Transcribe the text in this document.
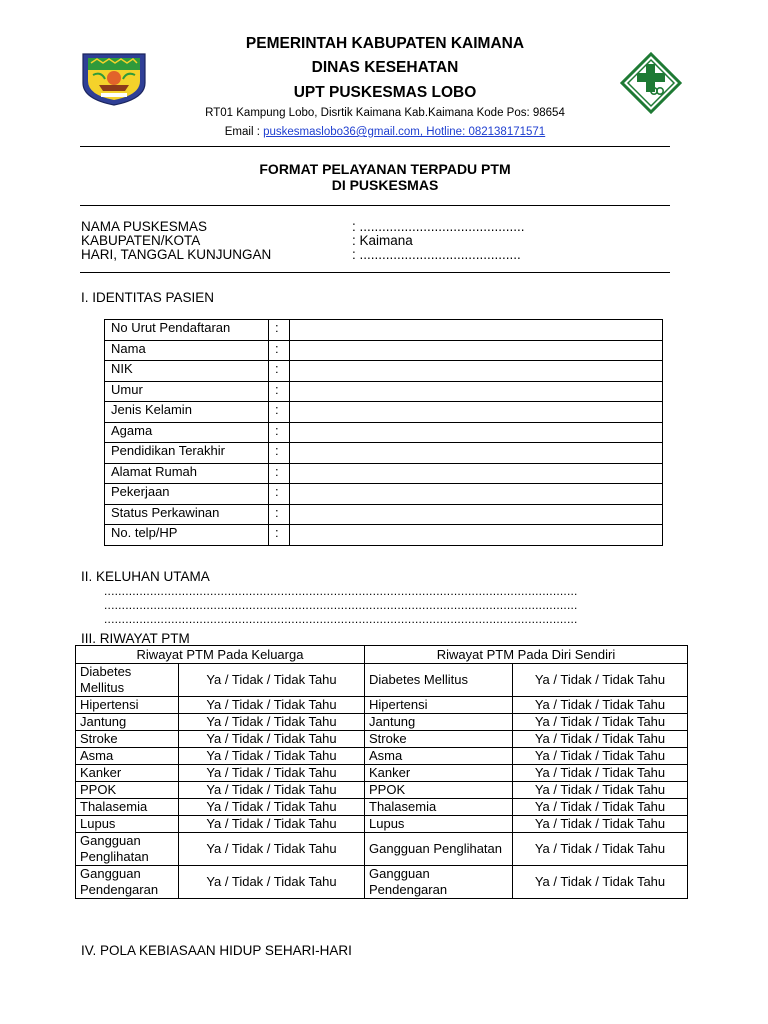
PEMERINTAH KABUPATEN KAIMANA
DINAS KESEHATAN
UPT PUSKESMAS LOBO
RT01 Kampung Lobo, Disrtik Kaimana Kab.Kaimana Kode Pos: 98654
Email : puskesmaslobo36@gmail.com, Hotline: 082138171571
FORMAT PELAYANAN TERPADU PTM
DI PUSKESMAS
NAMA PUSKESMAS	: ............................................
KABUPATEN/KOTA	: Kaimana
HARI, TANGGAL KUNJUNGAN	: ...........................................
I. IDENTITAS PASIEN
No Urut Pendaftaran	:	
Nama	:	
NIK	:	
Umur	:	
Jenis Kelamin	:	
Agama	:	
Pendidikan Terakhir	:	
Alamat Rumah	:	
Pekerjaan	:	
Status Perkawinan	:	
No. telp/HP	:	
II. KELUHAN UTAMA
......................................................................................................................................
......................................................................................................................................
......................................................................................................................................
III. RIWAYAT PTM
Riwayat PTM Pada Keluarga		Riwayat PTM Pada Diri Sendiri	
Diabetes Mellitus	Ya / Tidak / Tidak Tahu	Diabetes Mellitus	Ya / Tidak / Tidak Tahu
Hipertensi	Ya / Tidak / Tidak Tahu	Hipertensi	Ya / Tidak / Tidak Tahu
Jantung	Ya / Tidak / Tidak Tahu	Jantung	Ya / Tidak / Tidak Tahu
Stroke	Ya / Tidak / Tidak Tahu	Stroke	Ya / Tidak / Tidak Tahu
Asma	Ya / Tidak / Tidak Tahu	Asma	Ya / Tidak / Tidak Tahu
Kanker	Ya / Tidak / Tidak Tahu	Kanker	Ya / Tidak / Tidak Tahu
PPOK	Ya / Tidak / Tidak Tahu	PPOK	Ya / Tidak / Tidak Tahu
Thalasemia	Ya / Tidak / Tidak Tahu	Thalasemia	Ya / Tidak / Tidak Tahu
Lupus	Ya / Tidak / Tidak Tahu	Lupus	Ya / Tidak / Tidak Tahu
Gangguan Penglihatan	Ya / Tidak / Tidak Tahu	Gangguan Penglihatan	Ya / Tidak / Tidak Tahu
Gangguan Pendengaran	Ya / Tidak / Tidak Tahu	Gangguan Pendengaran	Ya / Tidak / Tidak Tahu
IV. POLA KEBIASAAN HIDUP SEHARI-HARI
